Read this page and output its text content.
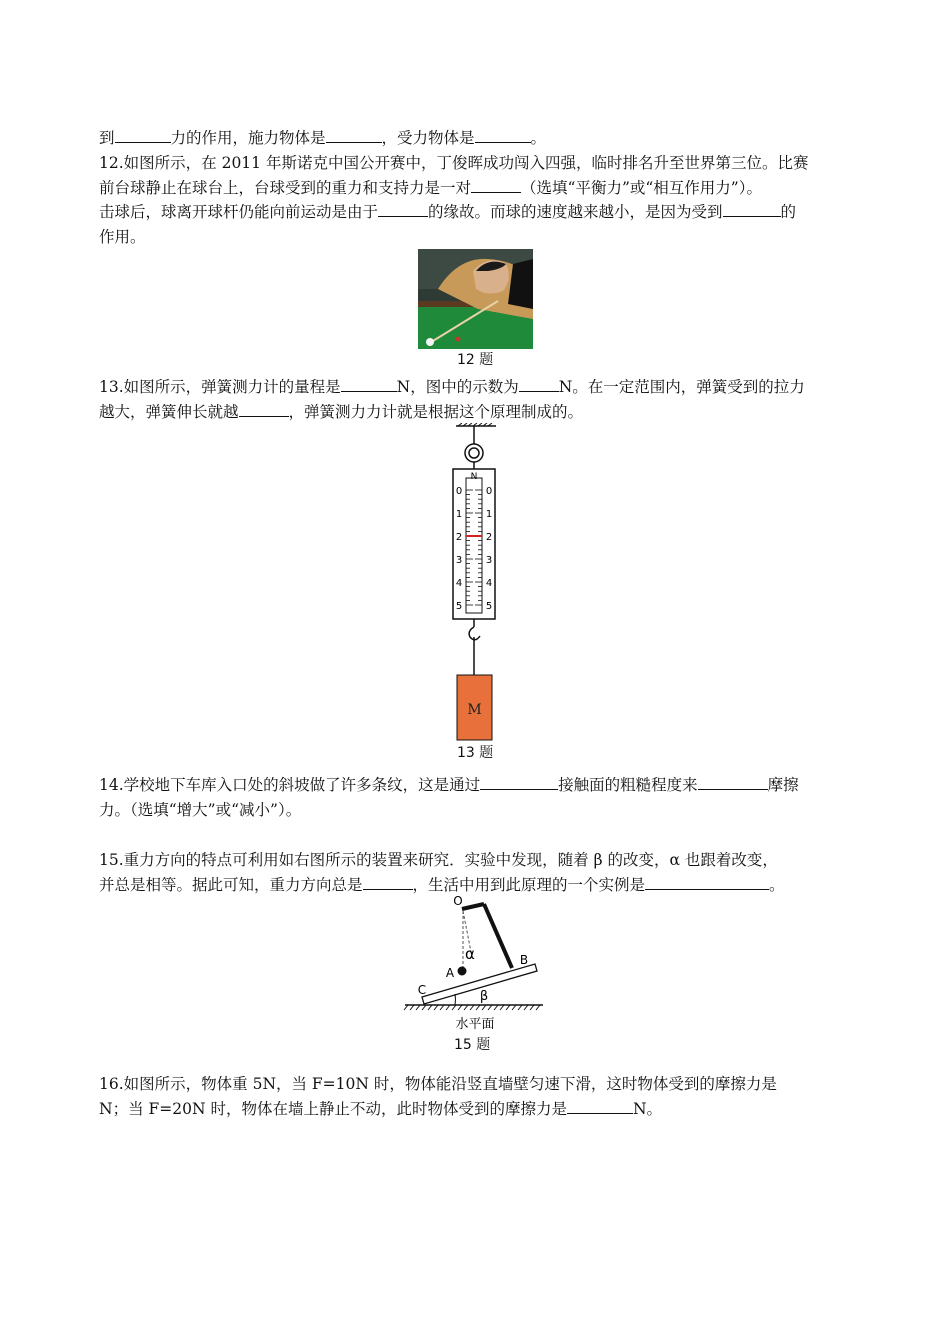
到	力的作用，施力物体是	，受力物体是	。
12.如图所示，在 2011 年斯诺克中国公开赛中，丁俊晖成功闯入四强，临时排名升至世界第三位。比赛
前台球静止在球台上，台球受到的重力和支持力是一对	（选填“平衡力”或“相互作用力”）。
击球后，球离开球杆仍能向前运动是由于	的缘故。而球的速度越来越小，是因为受到	的
作用。
12 题
13.如图所示，弹簧测力计的量程是	N，图中的示数为	N。在一定范围内，弹簧受到的拉力
越大，弹簧伸长就越	，弹簧测力力计就是根据这个原理制成的。
0 0
1 1
2 2
3 3
4 4
5 5
N
M
13 题
14.学校地下车库入口处的斜坡做了许多条纹，这是通过	接触面的粗糙程度来	摩擦
力。（选填“增大”或“减小”）。
15.重力方向的特点可利用如右图所示的装置来研究．实验中发现，随着 β 的改变，α 也跟着改变，
并总是相等。据此可知，重力方向总是	，生活中用到此原理的一个实例是	。
O
α
A
B
C	β
水平面
15 题
16.如图所示，物体重 5N，当 F=10N 时，物体能沿竖直墙壁匀速下滑，这时物体受到的摩擦力是
N；当 F=20N 时，物体在墙上静止不动，此时物体受到的摩擦力是	N。
